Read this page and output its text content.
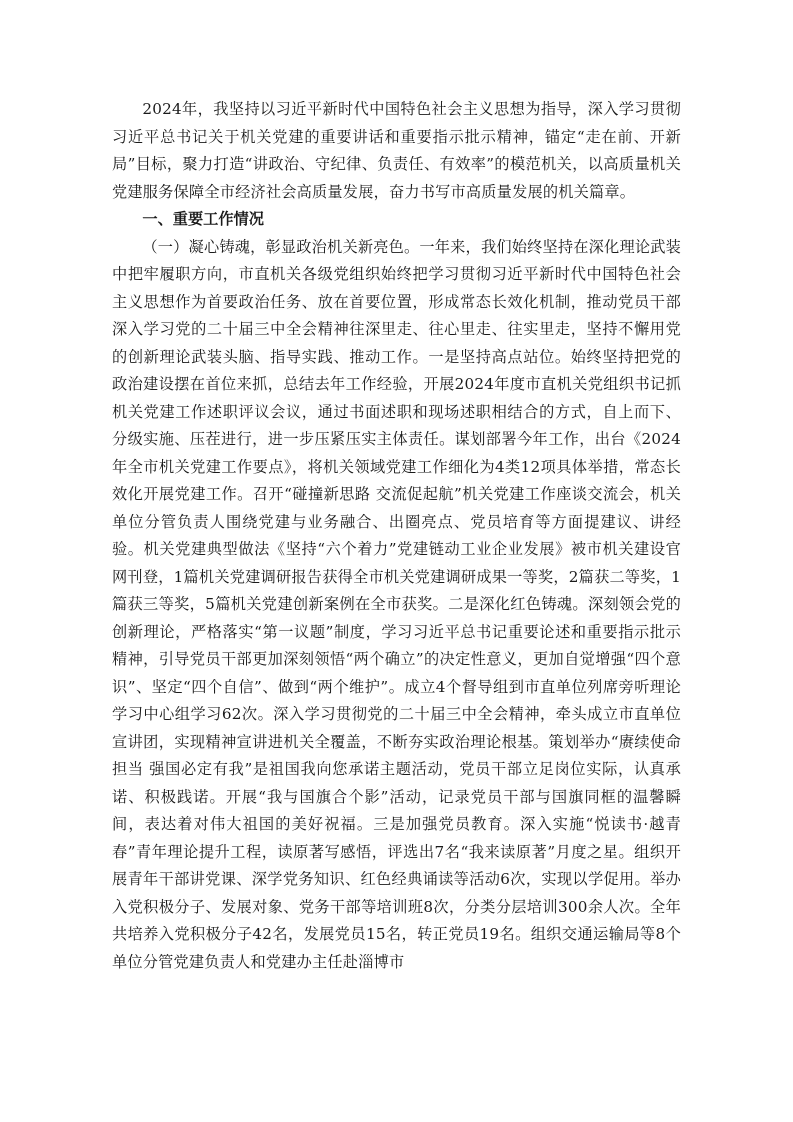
2024年，我坚持以习近平新时代中国特色社会主义思想为指导，深入学习贯彻习近平总书记关于机关党建的重要讲话和重要指示批示精神，锚定“走在前、开新局”目标，聚力打造“讲政治、守纪律、负责任、有效率”的模范机关，以高质量机关党建服务保障全市经济社会高质量发展，奋力书写市高质量发展的机关篇章。

一、重要工作情况

（一）凝心铸魂，彰显政治机关新亮色。一年来，我们始终坚持在深化理论武装中把牢履职方向，市直机关各级党组织始终把学习贯彻习近平新时代中国特色社会主义思想作为首要政治任务、放在首要位置，形成常态长效化机制，推动党员干部深入学习党的二十届三中全会精神往深里走、往心里走、往实里走，坚持不懈用党的创新理论武装头脑、指导实践、推动工作。一是坚持高点站位。始终坚持把党的政治建设摆在首位来抓，总结去年工作经验，开展2024年度市直机关党组织书记抓机关党建工作述职评议会议，通过书面述职和现场述职相结合的方式，自上而下、分级实施、压茬进行，进一步压紧压实主体责任。谋划部署今年工作，出台《2024年全市机关党建工作要点》，将机关领域党建工作细化为4类12项具体举措，常态长效化开展党建工作。召开“碰撞新思路 交流促起航”机关党建工作座谈交流会，机关单位分管负责人围绕党建与业务融合、出圈亮点、党员培育等方面提建议、讲经验。机关党建典型做法《坚持“六个着力”党建链动工业企业发展》被市机关建设官网刊登，1篇机关党建调研报告获得全市机关党建调研成果一等奖，2篇获二等奖，1篇获三等奖，5篇机关党建创新案例在全市获奖。二是深化红色铸魂。深刻领会党的创新理论，严格落实“第一议题”制度，学习习近平总书记重要论述和重要指示批示精神，引导党员干部更加深刻领悟“两个确立”的决定性意义，更加自觉增强“四个意识”、坚定“四个自信”、做到“两个维护”。成立4个督导组到市直单位列席旁听理论学习中心组学习62次。深入学习贯彻党的二十届三中全会精神，牵头成立市直单位宣讲团，实现精神宣讲进机关全覆盖，不断夯实政治理论根基。策划举办“赓续使命担当 强国必定有我”是祖国我向您承诺主题活动，党员干部立足岗位实际，认真承诺、积极践诺。开展“我与国旗合个影”活动，记录党员干部与国旗同框的温馨瞬间，表达着对伟大祖国的美好祝福。三是加强党员教育。深入实施“悦读书·越青春”青年理论提升工程，读原著写感悟，评选出7名“我来读原著”月度之星。组织开展青年干部讲党课、深学党务知识、红色经典诵读等活动6次，实现以学促用。举办入党积极分子、发展对象、党务干部等培训班8次，分类分层培训300余人次。全年共培养入党积极分子42名，发展党员15名，转正党员19名。组织交通运输局等8个单位分管党建负责人和党建办主任赴淄博市
